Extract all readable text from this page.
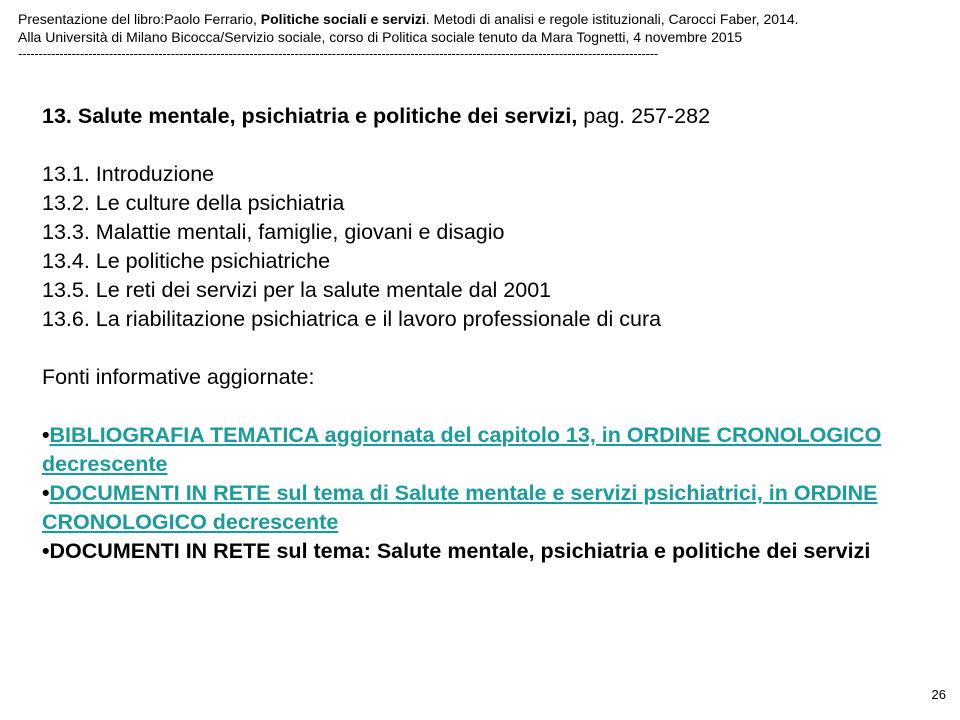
Presentazione del libro:Paolo Ferrario, Politiche sociali e servizi. Metodi di analisi e regole istituzionali, Carocci Faber, 2014.
Alla Università di Milano Bicocca/Servizio sociale, corso di Politica sociale tenuto da Mara Tognetti, 4 novembre 2015
-----------------------------------------------------------------------------------------------------------------------------------------------------------
13. Salute mentale, psichiatria e politiche dei servizi, pag. 257-282
13.1. Introduzione
13.2. Le culture della psichiatria
13.3. Malattie mentali, famiglie, giovani e disagio
13.4. Le politiche psichiatriche
13.5. Le reti dei servizi per la salute mentale dal 2001
13.6. La riabilitazione psichiatrica e il lavoro professionale di cura
Fonti informative aggiornate:
•BIBLIOGRAFIA TEMATICA aggiornata del capitolo 13, in ORDINE CRONOLOGICO decrescente
•DOCUMENTI IN RETE sul tema di Salute mentale e servizi psichiatrici, in ORDINE CRONOLOGICO decrescente
•DOCUMENTI IN RETE sul tema: Salute mentale, psichiatria e politiche dei servizi
26
